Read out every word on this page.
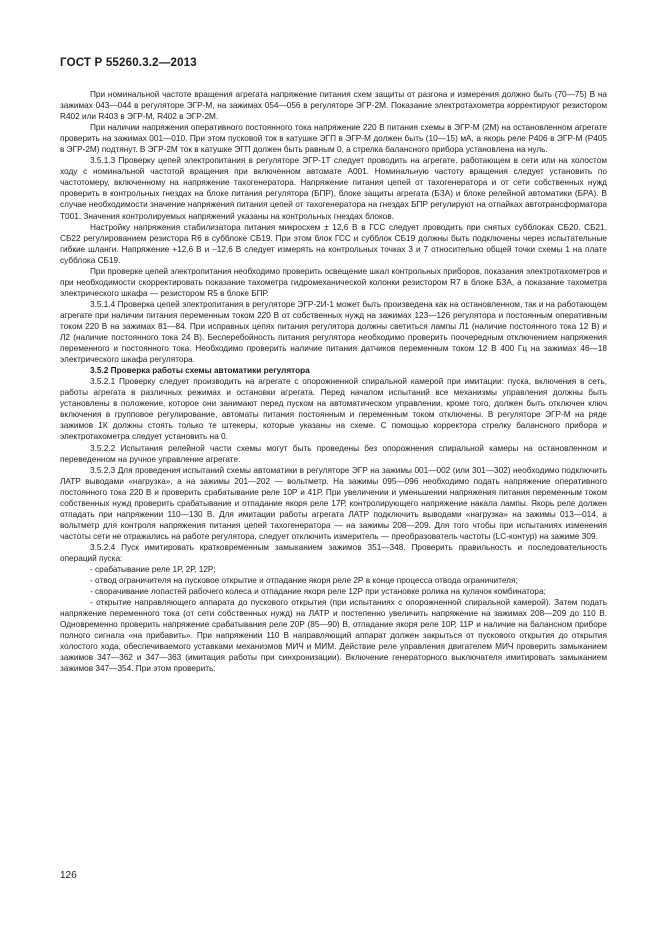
ГОСТ Р 55260.3.2—2013

При номинальной частоте вращения агрегата напряжение питания схем защиты от разгона и измерения должно быть (70—75) В на зажимах 043—044 в регуляторе ЭГР-М, на зажимах 054—056 в регуляторе ЭГР-2М. Показание электротахометра корректируют резистором R402 или R403 в ЭГР-М, R402 в ЭГР-2М.

При наличии напряжения оперативного постоянного тока напряжение 220 В питания схемы в ЭГР-М (2М) на остановленном агрегате проверить на зажимах 001—010. При этом пусковой ток в катушке ЭГП в ЭГР-М должен быть (10—15) мА, а якорь реле Р406 в ЭГР-М (Р405 в ЭГР-2М) подтянут. В ЭГР-2М ток в катушке ЭГП должен быть равным 0, а стрелка балансного прибора установлена на нуль.

3.5.1.3 Проверку цепей электропитания в регуляторе ЭГР-1Т следует проводить на агрегате, работающем в сети или на холостом ходу с номинальной частотой вращения при включенном автомате А001. Номинальную частоту вращения следует установить по частотомеру, включенному на напряжение тахогенератора. Напряжение питания цепей от тахогенератора и от сети собственных нужд проверить в контрольных гнездах на блоке питания регулятора (БПР), блоке защиты агрегата (БЗА) и блоке релейной автоматики (БРА). В случае необходимости значение напряжения питания цепей от тахогенератора на гнездах БПР регулируют на отпайках автотрансформатора Т001. Значения контролируемых напряжений указаны на контрольных гнездах блоков.

Настройку напряжения стабилизатора питания микросхем ± 12,6 В в ГСС следует проводить при снятых субблоках СБ20, СБ21, СБ22 регулированием резистора R6 в субблоке СБ19. При этом блок ГСС и субблок СБ19 должны быть подключены через испытательные гибкие шланги. Напряжение +12,6 В и –12,6 В следует измерять на контрольных точках 3 и 7 относительно общей точки схемы 1 на плате субблока СБ19.

При проверке цепей электропитания необходимо проверить освещение шкал контрольных приборов, показания электротахометров и при необходимости скорректировать показание тахометра гидромеханической колонки резистором R7 в блоке БЗА, а показание тахометра электрического шкафа — резистором R5 в блоке БПР.

3.5.1.4 Проверка цепей электропитания в регуляторе ЭГР-2И-1 может быть произведена как на остановленном, так и на работающем агрегате при наличии питания переменным током 220 В от собственных нужд на зажимах 123—126 регулятора и постоянным оперативным током 220 В на зажимах 81—84. При исправных цепях питания регулятора должны светиться лампы Л1 (наличие постоянного тока 12 В) и Л2 (наличие постоянного тока 24 В). Бесперебойность питания регулятора необходимо проверить поочередным отключением напряжения переменного и постоянного тока. Необходимо проверить наличие питания датчиков переменным током 12 В 400 Гц на зажимах 46—18 электрического шкафа регулятора.

3.5.2 Проверка работы схемы автоматики регулятора

3.5.2.1 Проверку следует производить на агрегате с опорожненной спиральной камерой при имитации: пуска, включения в сеть, работы агрегата в различных режимах и остановки агрегата. Перед началом испытаний все механизмы управления должны быть установлены в положение, которое они занимают перед пуском на автоматическом управлении, кроме того, должен быть отключен ключ включения в групповое регулирование, автоматы питания постоянным и переменным током отключены. В регуляторе ЭГР-М на ряде зажимов 1К должны стоять только те штекеры, которые указаны на схеме. С помощью корректора стрелку балансного прибора и электротахометра следует установить на 0.

3.5.2.2 Испытания релейной части схемы могут быть проведены без опорожнения спиральной камеры на остановленном и переведенном на ручное управление агрегате.

3.5.2.3 Для проведения испытаний схемы автоматики в регуляторе ЭГР на зажимы 001—002 (или 301—302) необходимо подключить ЛАТР выводами «нагрузка», а на зажимы 201—202 — вольтметр. На зажимы 095—096 необходимо подать напряжение оперативного постоянного тока 220 В и проверить срабатывание реле 10Р и 41Р. При увеличении и уменьшении напряжения питания переменным током собственных нужд проверить срабатывание и отпадание якоря реле 17Р, контролирующего напряжение накала лампы. Якорь реле должен отпадать при напряжении 110—130 В. Для имитации работы агрегата ЛАТР подключить выводами «нагрузка» на зажимы 013—014, а вольтметр для контроля напряжения питания цепей тахогенератора — на зажимы 208—209. Для того чтобы при испытаниях изменения частоты сети не отражались на работе регулятора, следует отключить измеритель — преобразователь частоты (LC-контур) на зажиме 309.

3.5.2.4 Пуск имитировать кратковременным замыканием зажимов 351—348. Проверить правильность и последовательность операций пуска:

- срабатывание реле 1Р, 2Р, 12Р;

- отвод ограничителя на пусковое открытие и отпадание якоря реле 2Р в конце процесса отвода ограничителя;

- сворачивание лопастей рабочего колеса и отпадание якоря реле 12Р при установке ролика на кулачок комбинатора;

- открытие направляющего аппарата до пускового открытия (при испытаниях с опорожненной спиральной камерой). Затем подать напряжение переменного тока (от сети собственных нужд) на ЛАТР и постепенно увеличить напряжение на зажимах 208—209 до 110 В. Одновременно проверить напряжение срабатывания реле 20Р (85—90) В, отпадание якоря реле 10Р, 11Р и наличие на балансном приборе полного сигнала «на прибавить». При напряжении 110 В направляющий аппарат должен закрыться от пускового открытия до открытия холостого хода, обеспечиваемого уставками механизмов МИЧ и МИМ. Действие реле управления двигателем МИЧ проверить замыканием зажимов 347—362 и 347—363 (имитация работы при синхронизации). Включение генераторного выключателя имитировать замыканием зажимов 347—354. При этом проверить:

126
